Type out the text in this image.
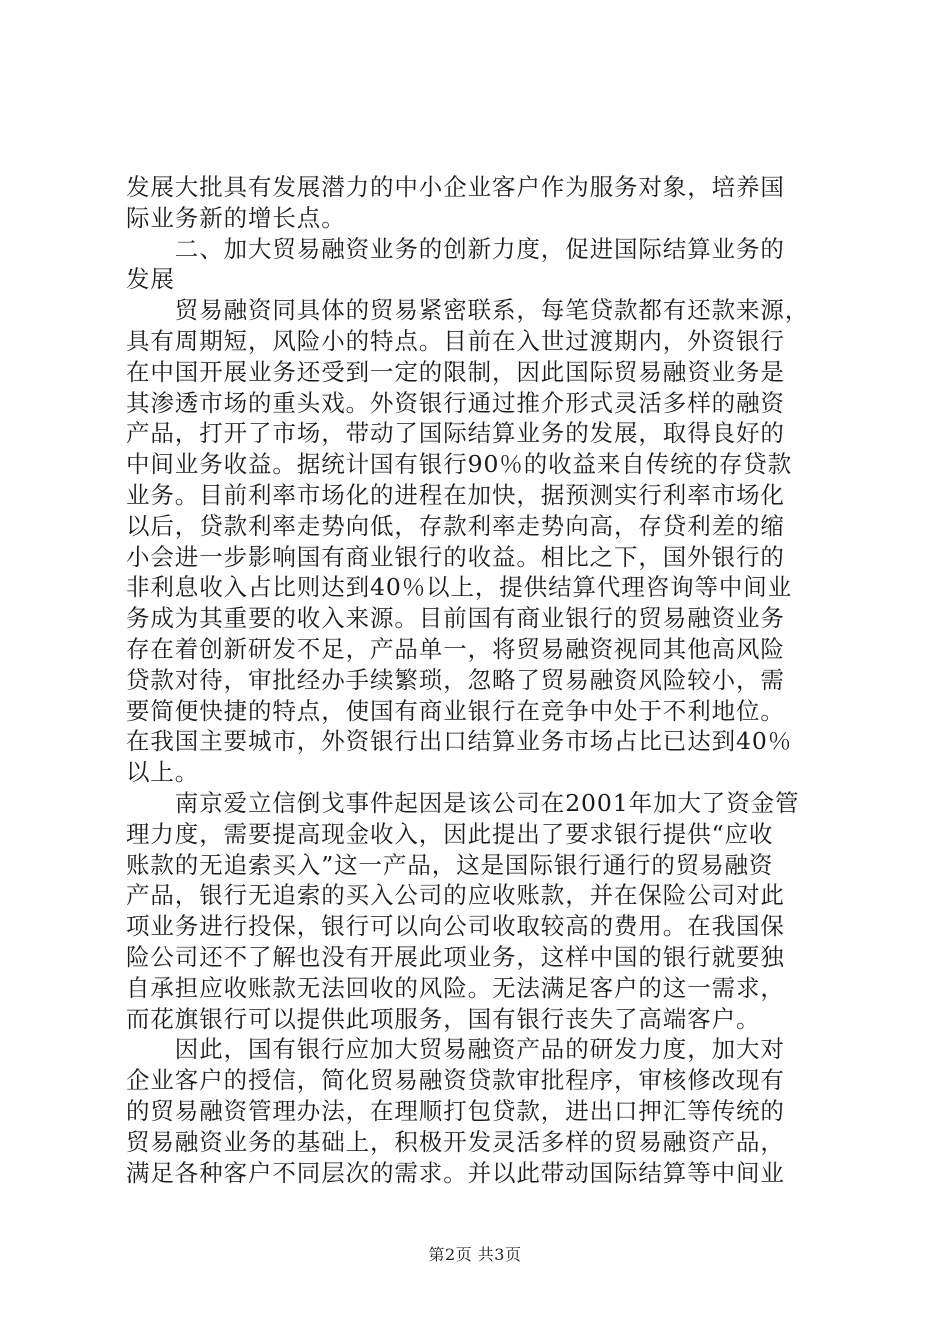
发展大批具有发展潜力的中小企业客户作为服务对象，培养国
际业务新的增长点。
　　二、加大贸易融资业务的创新力度，促进国际结算业务的
发展
　　贸易融资同具体的贸易紧密联系，每笔贷款都有还款来源，
具有周期短，风险小的特点。目前在入世过渡期内，外资银行
在中国开展业务还受到一定的限制，因此国际贸易融资业务是
其渗透市场的重头戏。外资银行通过推介形式灵活多样的融资
产品，打开了市场，带动了国际结算业务的发展，取得良好的
中间业务收益。据统计国有银行90％的收益来自传统的存贷款
业务。目前利率市场化的进程在加快，据预测实行利率市场化
以后，贷款利率走势向低，存款利率走势向高，存贷利差的缩
小会进一步影响国有商业银行的收益。相比之下，国外银行的
非利息收入占比则达到40％以上，提供结算代理咨询等中间业
务成为其重要的收入来源。目前国有商业银行的贸易融资业务
存在着创新研发不足，产品单一，将贸易融资视同其他高风险
贷款对待，审批经办手续繁琐，忽略了贸易融资风险较小，需
要简便快捷的特点，使国有商业银行在竞争中处于不利地位。
在我国主要城市，外资银行出口结算业务市场占比已达到40％
以上。
　　南京爱立信倒戈事件起因是该公司在2001年加大了资金管
理力度，需要提高现金收入，因此提出了要求银行提供“应收
账款的无追索买入”这一产品，这是国际银行通行的贸易融资
产品，银行无追索的买入公司的应收账款，并在保险公司对此
项业务进行投保，银行可以向公司收取较高的费用。在我国保
险公司还不了解也没有开展此项业务，这样中国的银行就要独
自承担应收账款无法回收的风险。无法满足客户的这一需求，
而花旗银行可以提供此项服务，国有银行丧失了高端客户。
　　因此，国有银行应加大贸易融资产品的研发力度，加大对
企业客户的授信，简化贸易融资贷款审批程序，审核修改现有
的贸易融资管理办法，在理顺打包贷款，进出口押汇等传统的
贸易融资业务的基础上，积极开发灵活多样的贸易融资产品，
满足各种客户不同层次的需求。并以此带动国际结算等中间业
第2页 共3页
